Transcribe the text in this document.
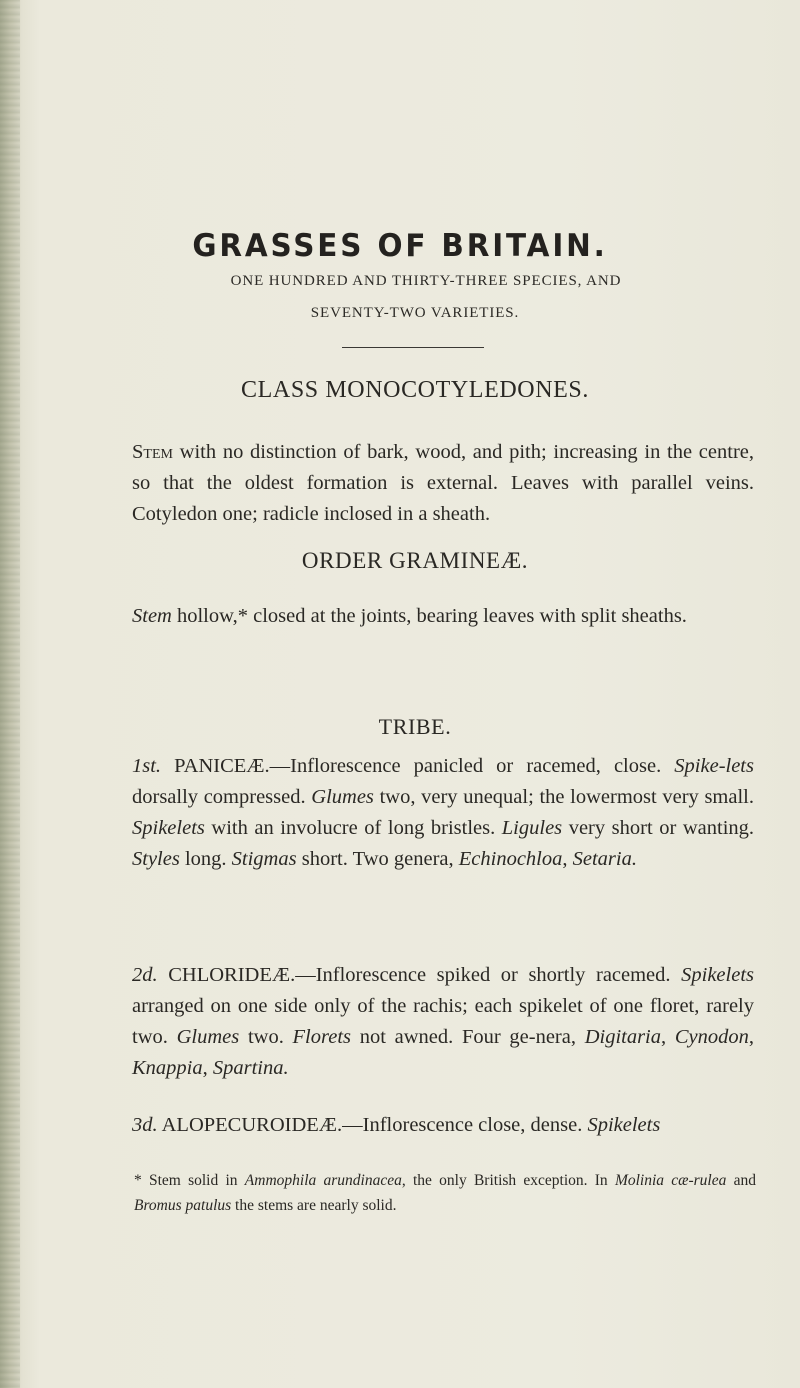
GRASSES OF BRITAIN.
ONE HUNDRED AND THIRTY-THREE SPECIES, AND
SEVENTY-TWO VARIETIES.
CLASS MONOCOTYLEDONES.
Stem with no distinction of bark, wood, and pith; increasing in the centre, so that the oldest formation is external. Leaves with parallel veins. Cotyledon one; radicle inclosed in a sheath.
ORDER GRAMINEÆ.
Stem hollow,* closed at the joints, bearing leaves with split sheaths.
TRIBE.
1st. PANICEÆ.—Inflorescence panicled or racemed, close. Spike-lets dorsally compressed. Glumes two, very unequal; the lowermost very small. Spikelets with an involucre of long bristles. Ligules very short or wanting. Styles long. Stigmas short. Two genera, Echinochloa, Setaria.
2d. CHLORIDEÆ.—Inflorescence spiked or shortly racemed. Spikelets arranged on one side only of the rachis; each spikelet of one floret, rarely two. Glumes two. Florets not awned. Four ge-nera, Digitaria, Cynodon, Knappia, Spartina.
3d. ALOPECUROIDEÆ.—Inflorescence close, dense. Spikelets
* Stem solid in Ammophila arundinacea, the only British exception. In Molinia cæ-rulea and Bromus patulus the stems are nearly solid.
